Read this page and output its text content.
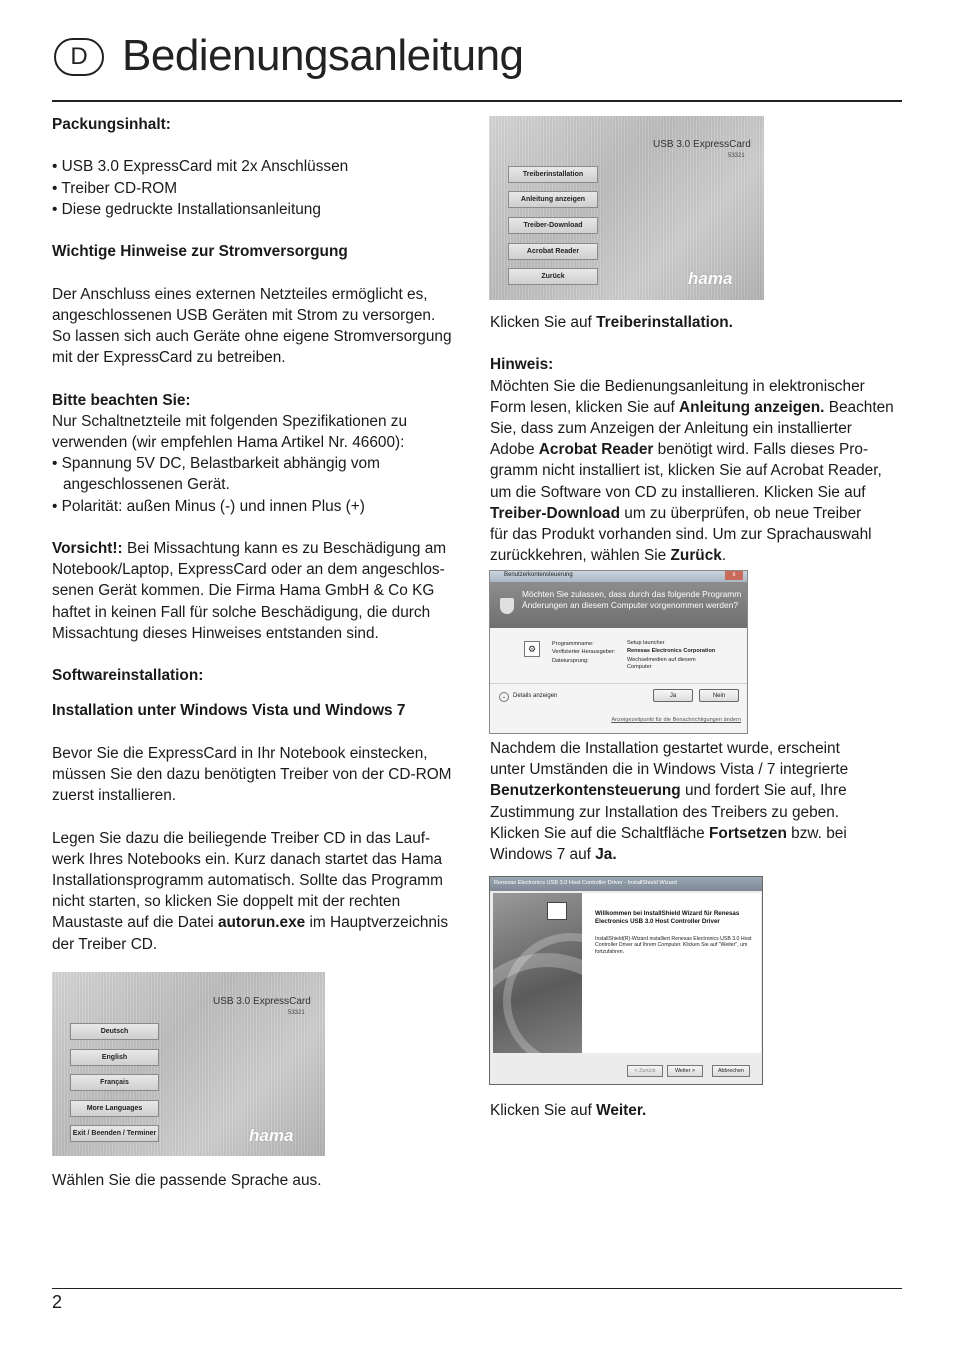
D Bedienungsanleitung

Packungsinhalt:

• USB 3.0 ExpressCard mit 2x Anschlüssen

• Treiber CD-ROM

• Diese gedruckte Installationsanleitung

Wichtige Hinweise zur Stromversorgung

Der Anschluss eines externen Netzteiles ermöglicht es,

angeschlossenen USB Geräten mit Strom zu versorgen.

So lassen sich auch Geräte ohne eigene Stromversorgung

mit der ExpressCard zu betreiben.

Bitte beachten Sie:

Nur Schaltnetzteile mit folgenden Spezifikationen zu

verwenden (wir empfehlen Hama Artikel Nr. 46600):

• Spannung 5V DC, Belastbarkeit abhängig vom

angeschlossenen Gerät.

• Polarität: außen Minus (-) und innen Plus (+)

Vorsicht!: Bei Missachtung kann es zu Beschädigung am

Notebook/Laptop, ExpressCard oder an dem angeschlos-

senen Gerät kommen. Die Firma Hama GmbH & Co KG

haftet in keinen Fall für solche Beschädigung, die durch

Missachtung dieses Hinweises entstanden sind.

Softwareinstallation:

Installation unter Windows Vista und Windows 7

Bevor Sie die ExpressCard in Ihr Notebook einstecken,

müssen Sie den dazu benötigten Treiber von der CD-ROM

zuerst installieren.

Legen Sie dazu die beiliegende Treiber CD in das Lauf-

werk Ihres Notebooks ein. Kurz danach startet das Hama

Installationsprogramm automatisch. Sollte das Programm

nicht starten, so klicken Sie doppelt mit der rechten

Maustaste auf die Datei autorun.exe im Hauptverzeichnis

der Treiber CD.

USB 3.0 ExpressCard
53321
Deutsch
English
Français
More Languages
Exit / Beenden / Terminer	hama
Wählen Sie die passende Sprache aus.
USB 3.0 ExpressCard
53321
Treiberinstallation
Anleitung anzeigen
Treiber-Download
Acrobat Reader
Zurück	hama

Klicken Sie auf Treiberinstallation.

Hinweis:

Möchten Sie die Bedienungsanleitung in elektronischer

Form lesen, klicken Sie auf Anleitung anzeigen. Beachten

Sie, dass zum Anzeigen der Anleitung ein installierter

Adobe Acrobat Reader benötigt wird. Falls dieses Pro-

gramm nicht installiert ist, klicken Sie auf Acrobat Reader,

um die Software von CD zu installieren. Klicken Sie auf

Treiber-Download um zu überprüfen, ob neue Treiber

für das Produkt vorhanden sind. Um zur Sprachauswahl

zurückkehren, wählen Sie Zurück.

Benutzerkontensteuerung	x
Möchten Sie zulassen, dass durch das folgende Programm Änderungen an diesem Computer vorgenommen werden?
⚙	Programmname:	Setup launcher
Verifizierter Herausgeber: Renesas Electronics Corporation
Dateiursprung:	Wechselmedien auf diesem Computer
⌄	Details anzeigen	Ja	Nein
Anzeigezeitpunkt für die Benachrichtigungen ändern

Nachdem die Installation gestartet wurde, erscheint

unter Umständen die in Windows Vista / 7 integrierte

Benutzerkontensteuerung und fordert Sie auf, Ihre

Zustimmung zur Installation des Treibers zu geben.

Klicken Sie auf die Schaltfläche Fortsetzen bzw. bei

Windows 7 auf Ja.

Renesas Electronics USB 3.0 Host Controller Driver - InstallShield Wizard
Willkommen bei InstallShield Wizard für Renesas Electronics USB 3.0 Host Controller Driver
InstallShield(R)-Wizard installiert Renesas Electronics USB 3.0 Host Controller Driver auf Ihrem Computer. Klicken Sie auf "Weiter", um fortzufahren.
< Zurück	Weiter >	Abbrechen
Klicken Sie auf Weiter.
2
